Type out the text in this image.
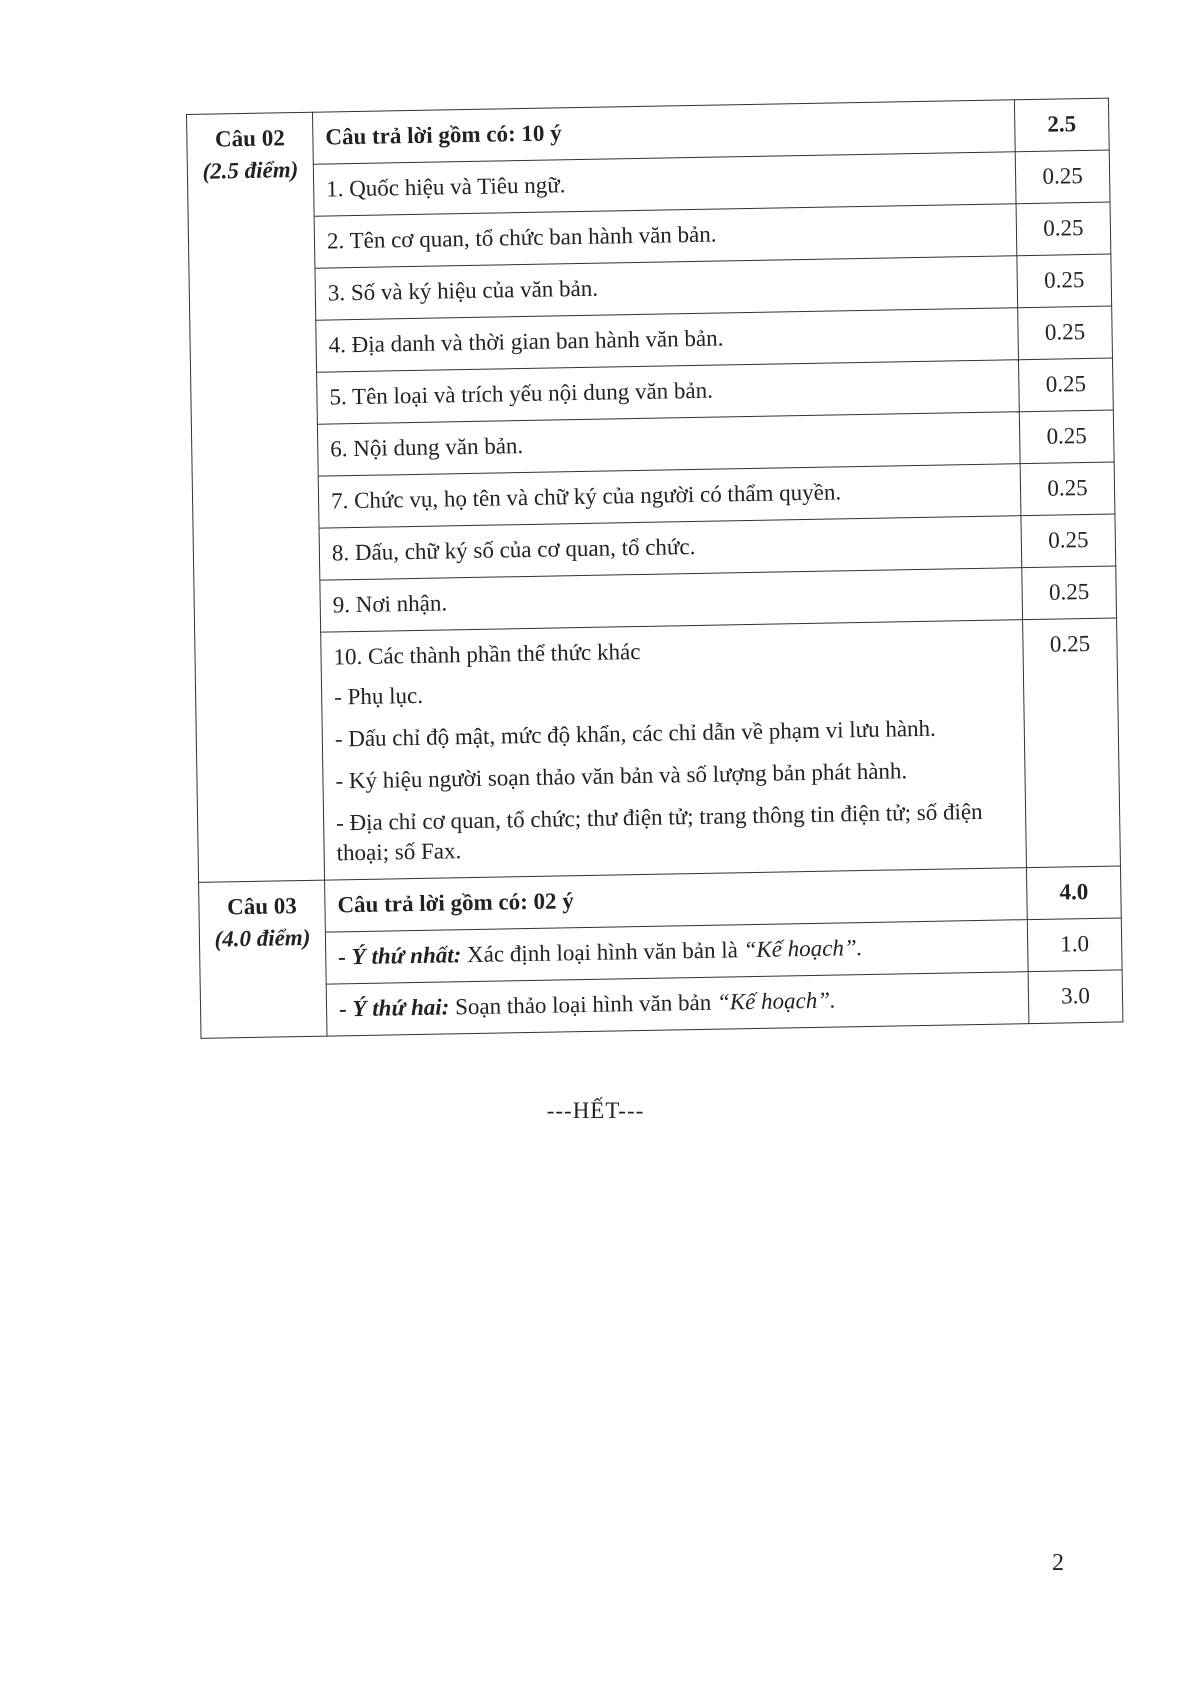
Câu 02
(2.5 điểm)	Câu trả lời gồm có: 10 ý	2.5
	1. Quốc hiệu và Tiêu ngữ.	0.25
	2. Tên cơ quan, tổ chức ban hành văn bản.	0.25
	3. Số và ký hiệu của văn bản.	0.25
	4. Địa danh và thời gian ban hành văn bản.	0.25
	5. Tên loại và trích yếu nội dung văn bản.	0.25
	6. Nội dung văn bản.	0.25
	7. Chức vụ, họ tên và chữ ký của người có thẩm quyền.	0.25
	8. Dấu, chữ ký số của cơ quan, tổ chức.	0.25
	9. Nơi nhận.	0.25
	10. Các thành phần thể thức khác
- Phụ lục.
- Dấu chỉ độ mật, mức độ khẩn, các chỉ dẫn về phạm vi lưu hành.
- Ký hiệu người soạn thảo văn bản và số lượng bản phát hành.
- Địa chỉ cơ quan, tổ chức; thư điện tử; trang thông tin điện tử; số điện thoại; số Fax.	0.25

Câu 03
(4.0 điểm)	Câu trả lời gồm có: 02 ý	4.0
	- Ý thứ nhất: Xác định loại hình văn bản là “Kế hoạch”.	1.0
	- Ý thứ hai: Soạn thảo loại hình văn bản “Kế hoạch”.	3.0
---HẾT---
2
